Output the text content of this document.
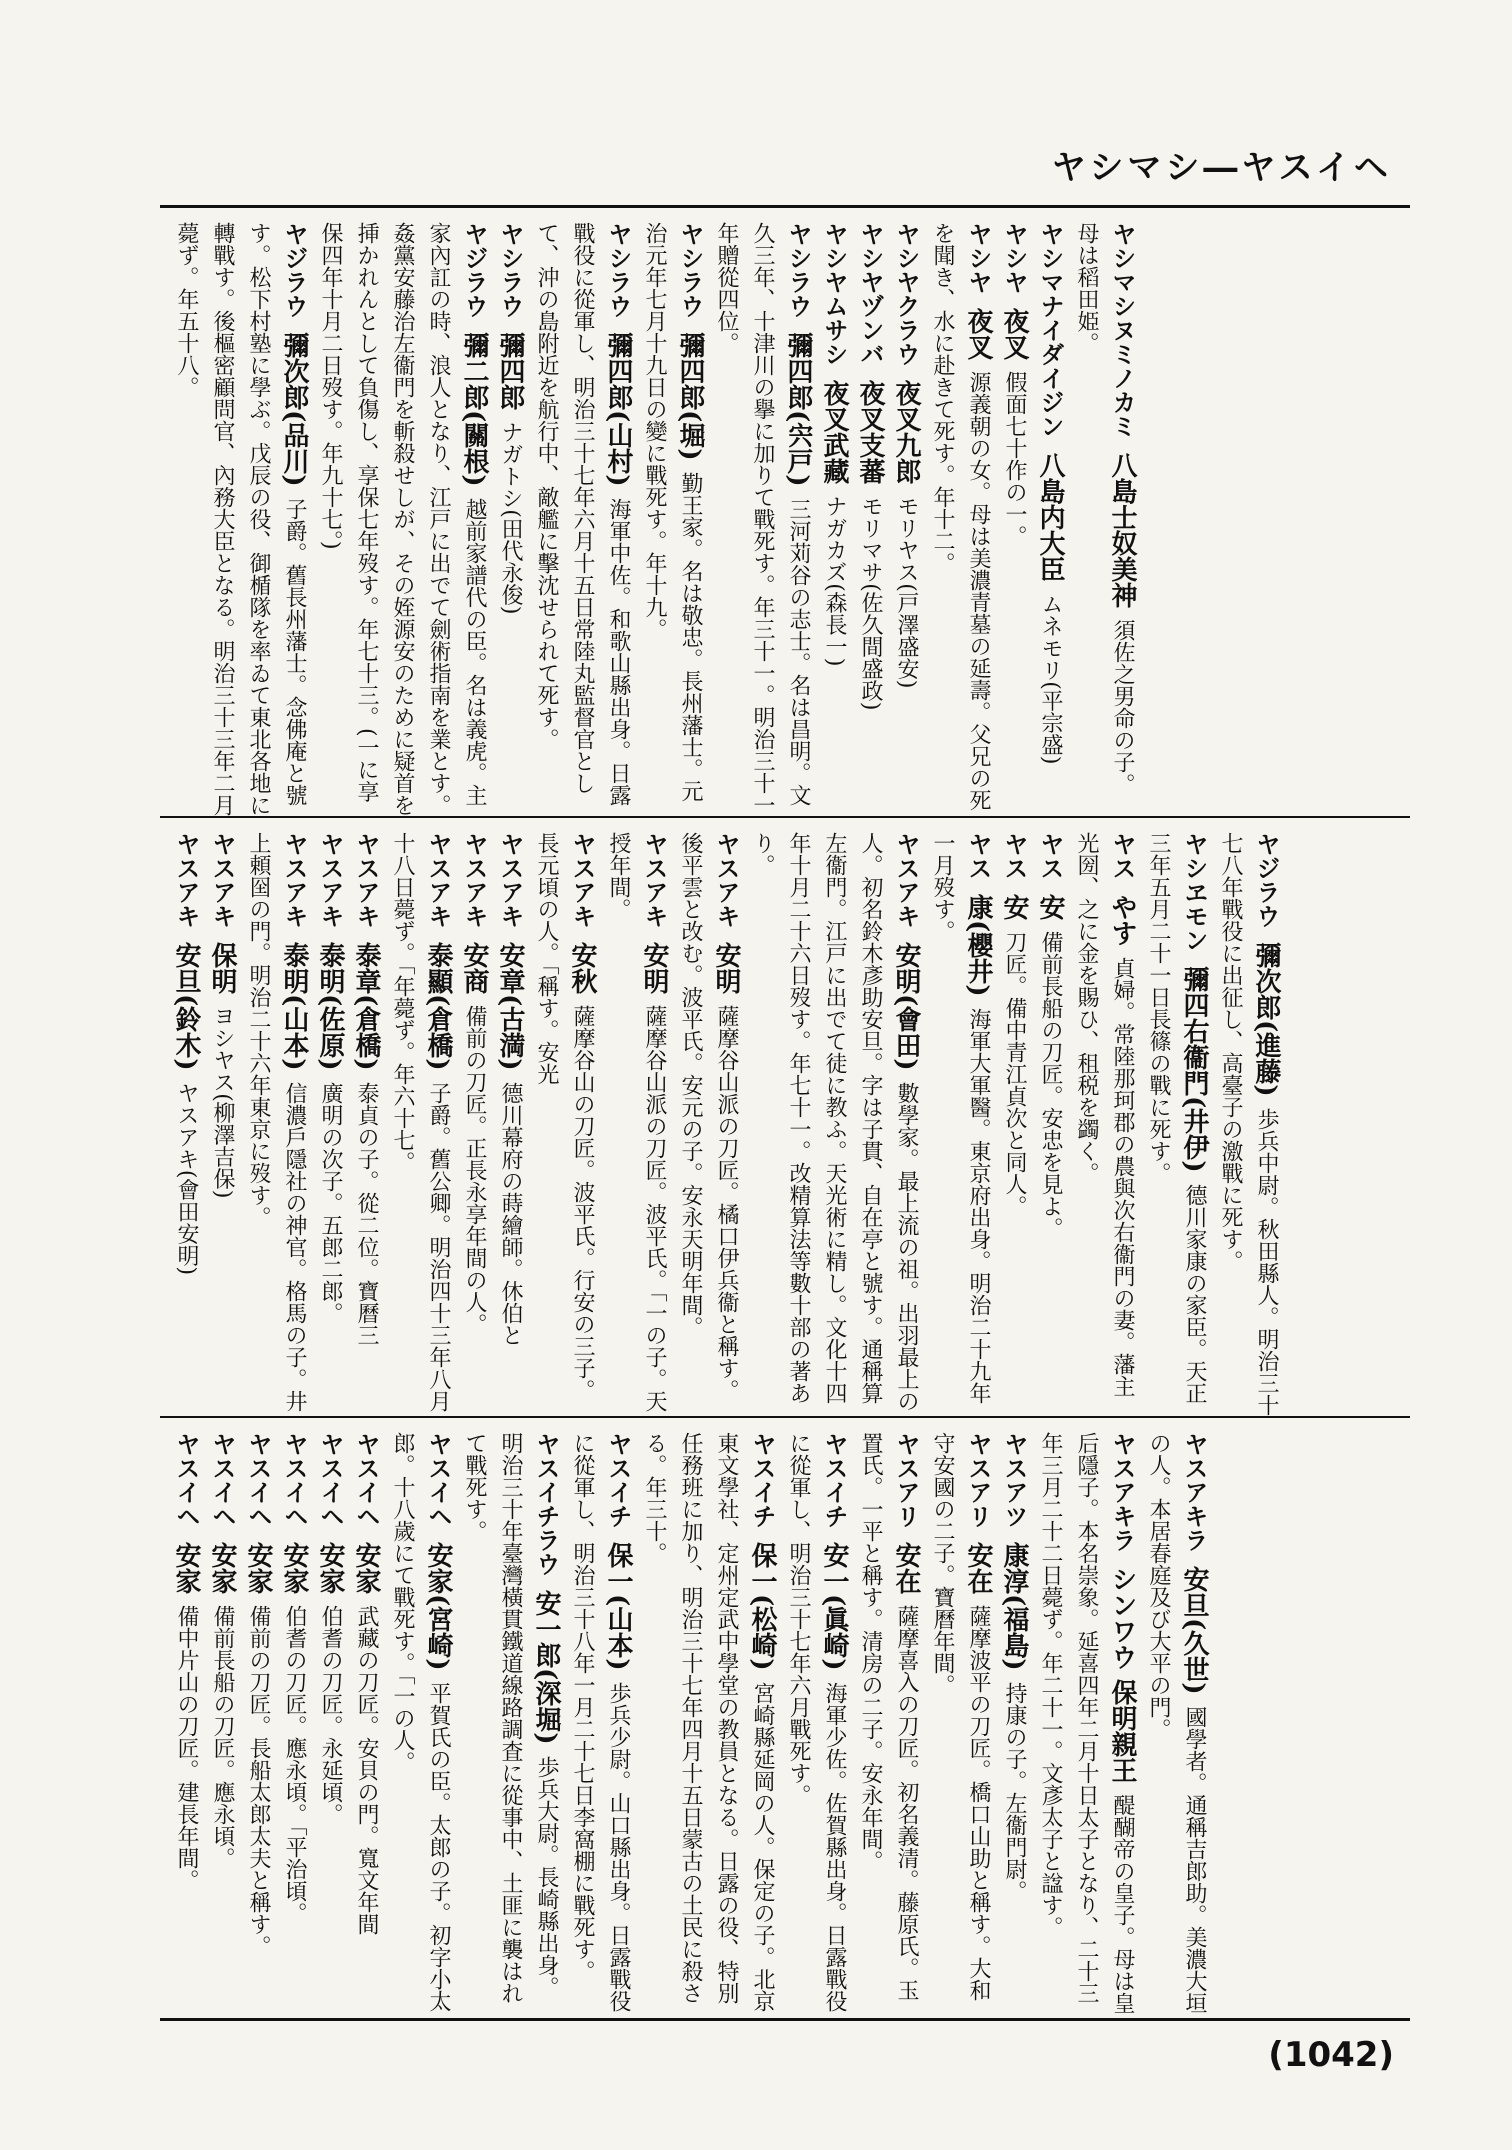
ヤシマシ―ヤスイヘ
ヤシマシヌミノカミ 八島士奴美神 須佐之男命の子。母は稻田姫。
ヤシマナイダイジン 八島内大臣 ムネモリ(平宗盛)
ヤシヤ 夜叉 假面七十作の一。
ヤシヤ 夜叉 源義朝の女。母は美濃青墓の延壽。父兄の死を聞き、水に赴きて死す。年十二。
ヤシヤクラウ 夜叉九郎 モリヤス(戸澤盛安)
ヤシヤヅンバ 夜叉支蕃 モリマサ(佐久間盛政)
ヤシヤムサシ 夜叉武藏 ナガカズ(森長一)
ヤシラウ 彌四郎(宍戸) 三河苅谷の志士。名は昌明。文久三年、十津川の擧に加りて戰死す。年三十一。明治三十一年贈從四位。
ヤシラウ 彌四郎(堀) 勤王家。名は敬忠。長州藩士。元治元年七月十九日の變に戰死す。年十九。
ヤシラウ 彌四郎(山村) 海軍中佐。和歌山縣出身。日露戰役に從軍し、明治三十七年六月十五日常陸丸監督官として、沖の島附近を航行中、敵艦に擊沈せられて死す。
ヤシラウ 彌四郎 ナガトシ(田代永俊)
ヤジラウ 彌二郎(關根) 越前家譜代の臣。名は義虎。主家內訌の時、浪人となり、江戸に出でて劍術指南を業とす。姦黨安藤治左衞門を斬殺せしが、その姪源安のために疑首を挿かれんとして負傷し、享保七年歿す。年七十三。(一に享保四年十月二日歿す。年九十七。)
ヤジラウ 彌次郎(品川) 子爵。舊長州藩士。念佛庵と號す。松下村塾に學ぶ。戊辰の役、御楯隊を率ゐて東北各地に轉戰す。後樞密顧問官、內務大臣となる。明治三十三年二月薨ず。年五十八。
ヤジラウ 彌次郎(進藤) 歩兵中尉。秋田縣人。明治三十七八年戰役に出征し、高臺子の激戰に死す。
ヤシヱモン 彌四右衞門(井伊) 德川家康の家臣。天正三年五月二十一日長篠の戰に死す。
ヤス やす 貞婦。常陸那珂郡の農與次右衞門の妻。藩主光圀、之に金を賜ひ、租税を蠲く。
ヤス 安 備前長船の刀匠。安忠を見よ。
ヤス 安 刀匠。備中青江貞次と同人。
ヤス 康(櫻井) 海軍大軍醫。東京府出身。明治二十九年一月歿す。
ヤスアキ 安明(會田) 數學家。最上流の祖。出羽最上の人。初名鈴木彥助安旦。字は子貫、自在亭と號す。通稱算左衞門。江戸に出でて徒に教ふ。天光術に精し。文化十四年十月二十六日歿す。年七十一。改精算法等數十部の著あり。
ヤスアキ 安明 薩摩谷山派の刀匠。橘口伊兵衞と稱す。後平雲と改む。波平氏。安元の子。安永天明年間。
ヤスアキ 安明 薩摩谷山派の刀匠。波平氏。「一の子。天授年間。
ヤスアキ 安秋 薩摩谷山の刀匠。波平氏。行安の三子。長元頃の人。「稱す。安光
ヤスアキ 安章(古満) 德川幕府の蒔繪師。休伯と
ヤスアキ 安商 備前の刀匠。正長永享年間の人。
ヤスアキ 泰顯(倉橋) 子爵。舊公卿。明治四十三年八月十八日薨ず。「年薨ず。年六十七。
ヤスアキ 泰章(倉橋) 泰貞の子。從二位。寶曆三
ヤスアキ 泰明(佐原) 廣明の次子。五郎二郎。
ヤスアキ 泰明(山本) 信濃戶隱社の神官。格馬の子。井上頼囶の門。明治二十六年東京に歿す。
ヤスアキ 保明 ヨシヤス(柳澤吉保)
ヤスアキ 安旦(鈴木) ヤスアキ(會田安明)
ヤスアキラ 安旦(久世) 國學者。通稱吉郎助。美濃大垣の人。本居春庭及び大平の門。
ヤスアキラ シンワウ 保明親王 醍醐帝の皇子。母は皇后隱子。本名崇象。延喜四年二月十日太子となり、二十三年三月二十二日薨ず。年二十一。文彥太子と諡す。
ヤスアツ 康淳(福島) 持康の子。左衞門尉。
ヤスアリ 安在 薩摩波平の刀匠。橋口山助と稱す。大和守安國の二子。寶曆年間。
ヤスアリ 安在 薩摩喜入の刀匠。初名義清。藤原氏。玉置氏。一平と稱す。清房の二子。安永年間。
ヤスイチ 安一(眞崎) 海軍少佐。佐賀縣出身。日露戰役に從軍し、明治三十七年六月戰死す。
ヤスイチ 保一(松崎) 宮崎縣延岡の人。保定の子。北京東文學社、定州定武中學堂の教員となる。日露の役、特別任務班に加り、明治三十七年四月十五日蒙古の土民に殺さる。年三十。
ヤスイチ 保一(山本) 歩兵少尉。山口縣出身。日露戰役に從軍し、明治三十八年一月二十七日李窩棚に戰死す。
ヤスイチラウ 安一郎(深堀) 歩兵大尉。長崎縣出身。明治三十年臺灣橫貫鐵道線路調査に從事中、土匪に襲はれて戰死す。
ヤスイヘ 安家(宮崎) 平賀氏の臣。太郎の子。初字小太郎。十八歲にて戰死す。「一の人。
ヤスイヘ 安家 武藏の刀匠。安貝の門。寬文年間
ヤスイヘ 安家 伯耆の刀匠。永延頃。
ヤスイヘ 安家 伯耆の刀匠。應永頃。「平治頃。
ヤスイヘ 安家 備前の刀匠。長船太郎太夫と稱す。
ヤスイヘ 安家 備前長船の刀匠。應永頃。
ヤスイヘ 安家 備中片山の刀匠。建長年間。
(1042)
